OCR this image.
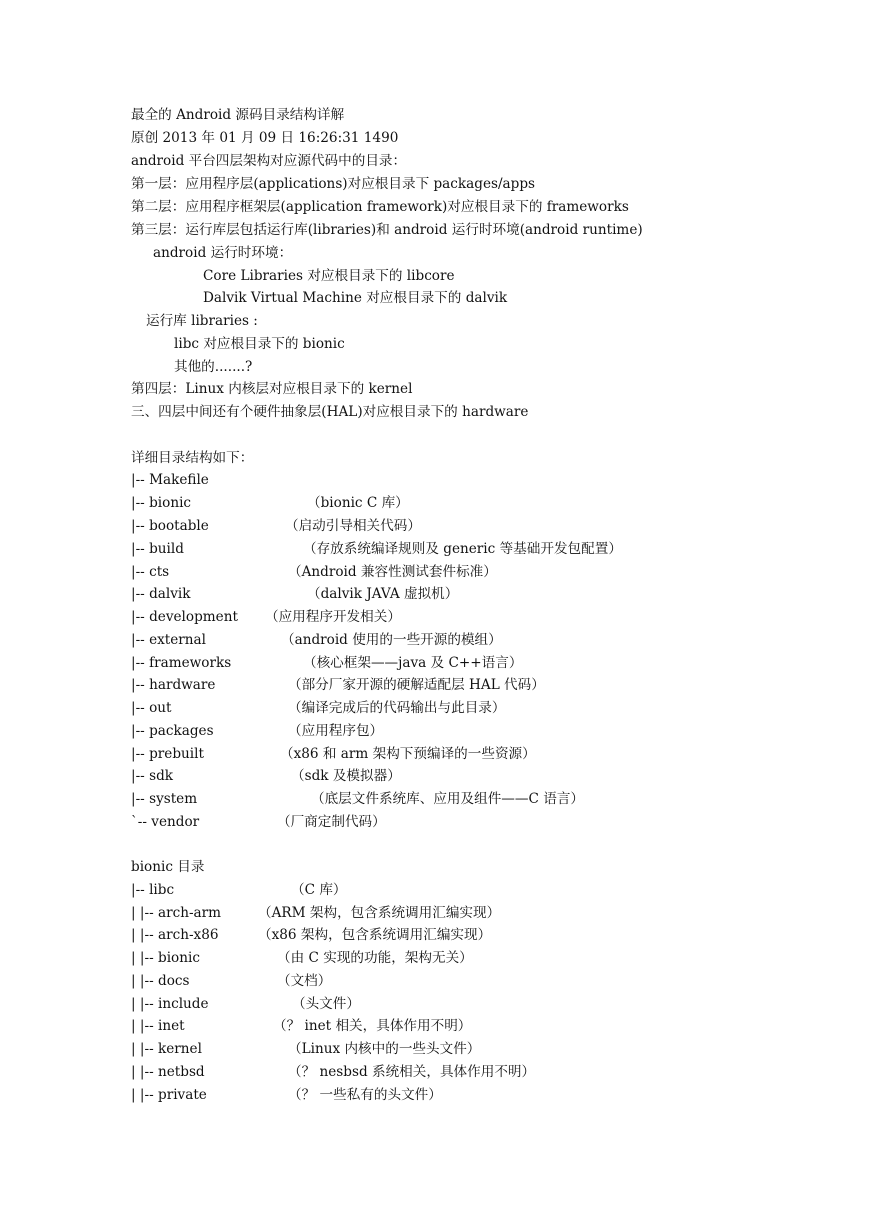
最全的 Android 源码目录结构详解
原创 2013 年 01 月 09 日 16:26:31 1490
android 平台四层架构对应源代码中的目录：
第一层：应用程序层(applications)对应根目录下 packages/apps
第二层：应用程序框架层(application framework)对应根目录下的 frameworks
第三层：运行库层包括运行库(libraries)和 android 运行时环境(android runtime)
android 运行时环境：
Core Libraries 对应根目录下的 libcore
Dalvik Virtual Machine 对应根目录下的 dalvik
运行库 libraries :
libc 对应根目录下的 bionic
其他的.......?
第四层：Linux 内核层对应根目录下的 kernel
三、四层中间还有个硬件抽象层(HAL)对应根目录下的 hardware
详细目录结构如下：
|-- Makefile
|-- bionic	（bionic C 库）
|-- bootable	（启动引导相关代码）
|-- build	（存放系统编译规则及 generic 等基础开发包配置）
|-- cts	（Android 兼容性测试套件标准）
|-- dalvik	（dalvik JAVA 虚拟机）
|-- development （应用程序开发相关）
|-- external	（android 使用的一些开源的模组）
|-- frameworks	（核心框架——java 及 C++语言）
|-- hardware	（部分厂家开源的硬解适配层 HAL 代码）
|-- out	（编译完成后的代码输出与此目录）
|-- packages	（应用程序包）
|-- prebuilt	（x86 和 arm 架构下预编译的一些资源）
|-- sdk	（sdk 及模拟器）
|-- system	（底层文件系统库、应用及组件——C 语言）
`-- vendor	（厂商定制代码）
bionic 目录
|-- libc	（C 库）
| |-- arch-arm	（ARM 架构，包含系统调用汇编实现）
| |-- arch-x86	（x86 架构，包含系统调用汇编实现）
| |-- bionic	（由 C 实现的功能，架构无关）
| |-- docs	（文档）
| |-- include	（头文件）
| |-- inet	（？ inet 相关，具体作用不明）
| |-- kernel	（Linux 内核中的一些头文件）
| |-- netbsd	（？ nesbsd 系统相关，具体作用不明）
| |-- private	（？ 一些私有的头文件）
